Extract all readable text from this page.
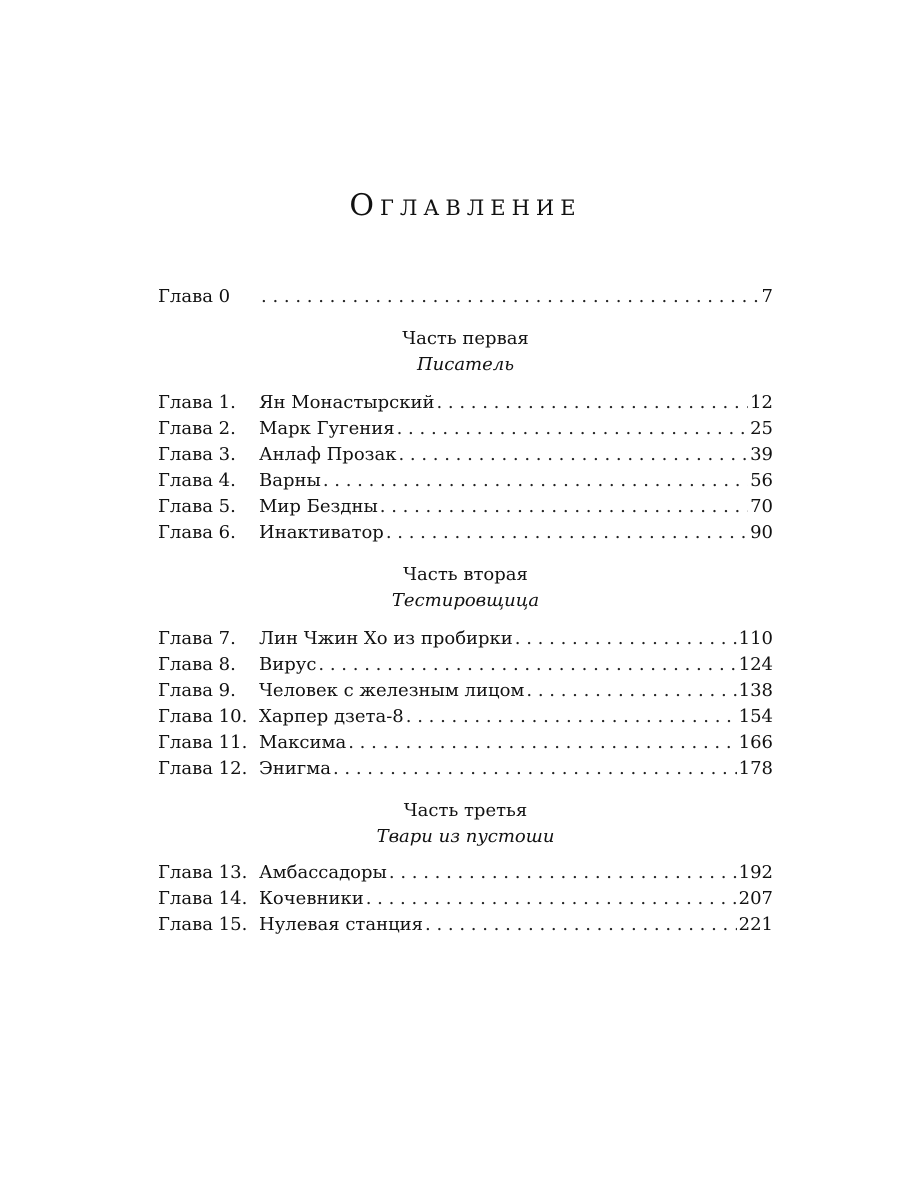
Оглавление
Глава 0 . . .	7
Часть первая
Писатель
Глава 1.	Ян Монастырский . . .	12
Глава 2.	Марк Гугения . . .	25
Глава 3.	Анлаф Прозак . . .	39
Глава 4.	Варны . . .	56
Глава 5.	Мир Бездны . . .	70
Глава 6.	Инактиватор . . .	90
Часть вторая
Тестировщица
Глава 7.	Лин Чжин Хо из пробирки . . .	110
Глава 8.	Вирус . . .	124
Глава 9.	Человек с железным лицом . . .	138
Глава 10. Харпер дзета-8 . . .	154
Глава 11. Максима . . .	166
Глава 12. Энигма . . .	178
Часть третья
Твари из пустоши
Глава 13. Амбассадоры . . .	192
Глава 14. Кочевники . . .	207
Глава 15. Нулевая станция . . .	221
